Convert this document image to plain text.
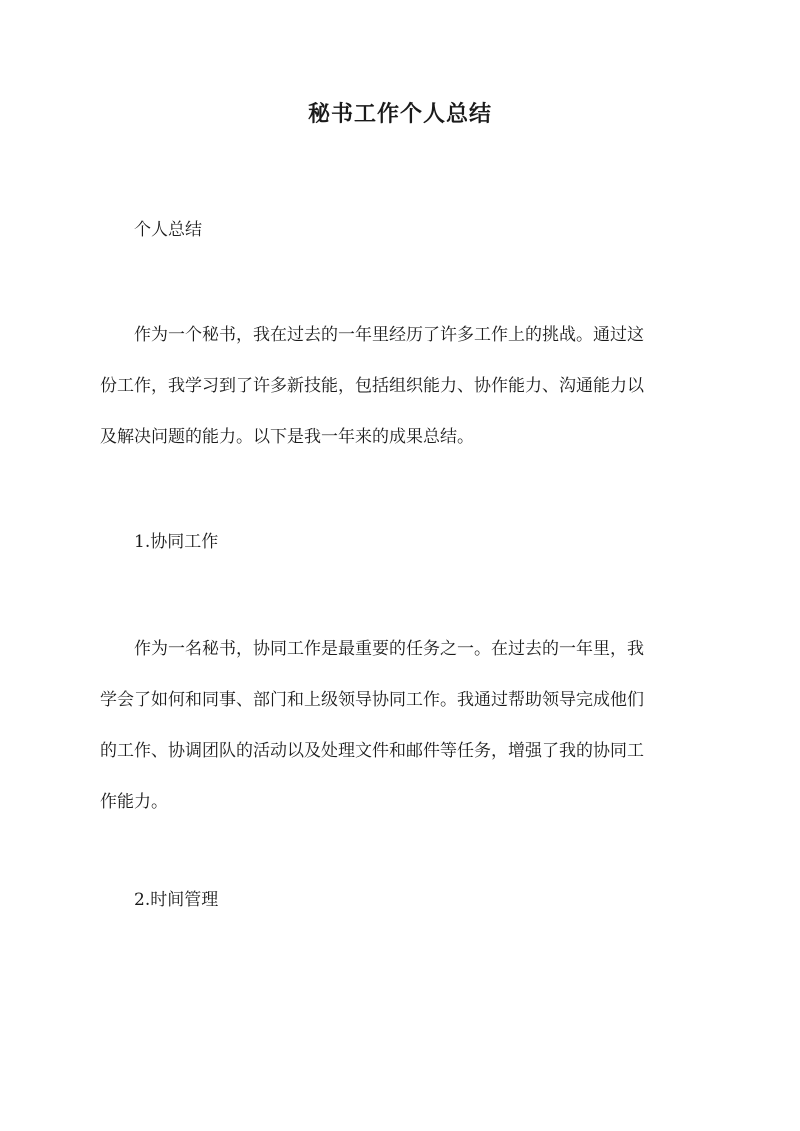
秘书工作个人总结

个人总结

作为一个秘书，我在过去的一年里经历了许多工作上的挑战。通过这
份工作，我学习到了许多新技能，包括组织能力、协作能力、沟通能力以
及解决问题的能力。以下是我一年来的成果总结。

1.协同工作

作为一名秘书，协同工作是最重要的任务之一。在过去的一年里，我
学会了如何和同事、部门和上级领导协同工作。我通过帮助领导完成他们
的工作、协调团队的活动以及处理文件和邮件等任务，增强了我的协同工
作能力。

2.时间管理
